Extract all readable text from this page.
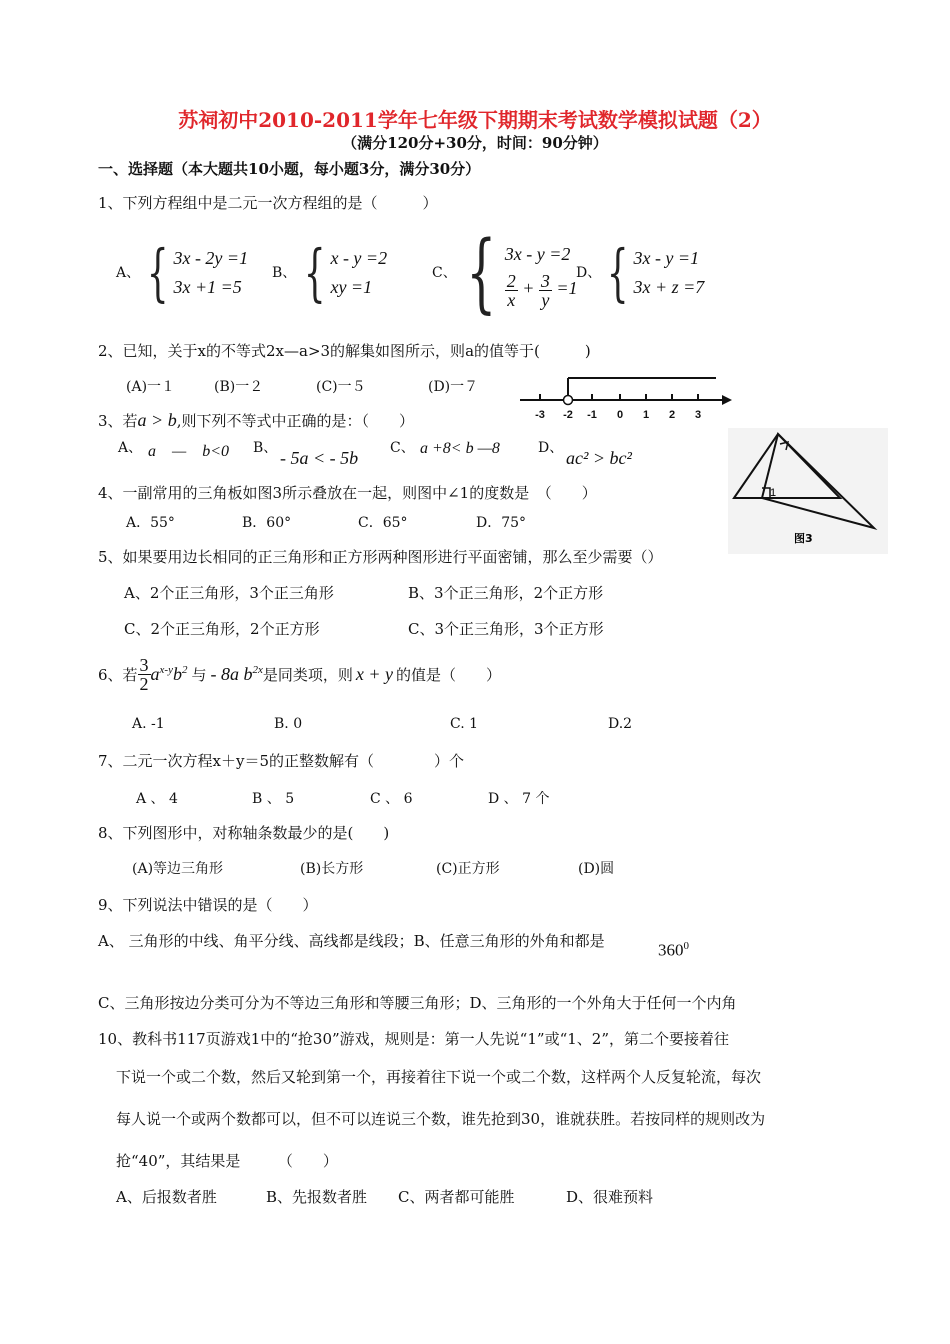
苏祠初中2010-2011学年七年级下期期末考试数学模拟试题（2）
（满分120分+30分，时间：90分钟）
一、选择题（本大题共10小题，每小题3分，满分30分）
1、下列方程组中是二元一次方程组的是（　　　）
A、 { 3x - 2y =1
3x +1 =5
B、 { x - y =2
xy =1
C、 { 3x - y =2
$\frac{2}{x} + \frac{3}{y} =1$
D、 { 3x - y =1
3x + z =7
2、已知，关于x的不等式2x—a>3的解集如图所示，则a的值等于(　　　)
(A)一１	(B)一２	(C)一５	(D)一７
-3 -2 -1 0 1 2 3
3、若a > b,则下列不等式中正确的是：（　　）
A、 a　—　b<0 B、 - 5a < - 5b C、 a +8< b —8	D、 ac² > bc²
1
图3
4、一副常用的三角板如图3所示叠放在一起，则图中∠1的度数是　（　　）
A．55°	B．60°	C．65°	D．75°
5、如果要用边长相同的正三角形和正方形两种图形进行平面密铺，那么至少需要（）
A、2个正三角形，3个正三角形	B、3个正三角形，2个正方形
C、2个正三角形，2个正方形	C、3个正三角形，3个正方形
6、若 $\frac{3}{2} a^{x-y}b^2$ 与 - 8a $b^{2x}$ 是同类项，则 x + y 的值是（　　）
A. -1	B. 0	C. 1	D.2
7、二元一次方程x＋y＝5的正整数解有（　　　　）个
A 、 4	B 、 5	C 、 6	D 、 7 个
8、下列图形中，对称轴条数最少的是(　　)
(A)等边三角形	(B)长方形	(C)正方形	(D)圆
9、下列说法中错误的是（　　）
A、 三角形的中线、角平分线、高线都是线段；B、任意三角形的外角和都是	$360^0$
C、三角形按边分类可分为不等边三角形和等腰三角形；D、三角形的一个外角大于任何一个内角
10、教科书117页游戏1中的“抢30”游戏，规则是：第一人先说“1”或“1、2”，第二个要接着往
下说一个或二个数，然后又轮到第一个，再接着往下说一个或二个数，这样两个人反复轮流，每次
每人说一个或两个数都可以，但不可以连说三个数，谁先抢到30，谁就获胜。若按同样的规则改为
抢“40”，其结果是　　　（　　）
A、后报数者胜	B、先报数者胜 C、两者都可能胜	D、很难预料
